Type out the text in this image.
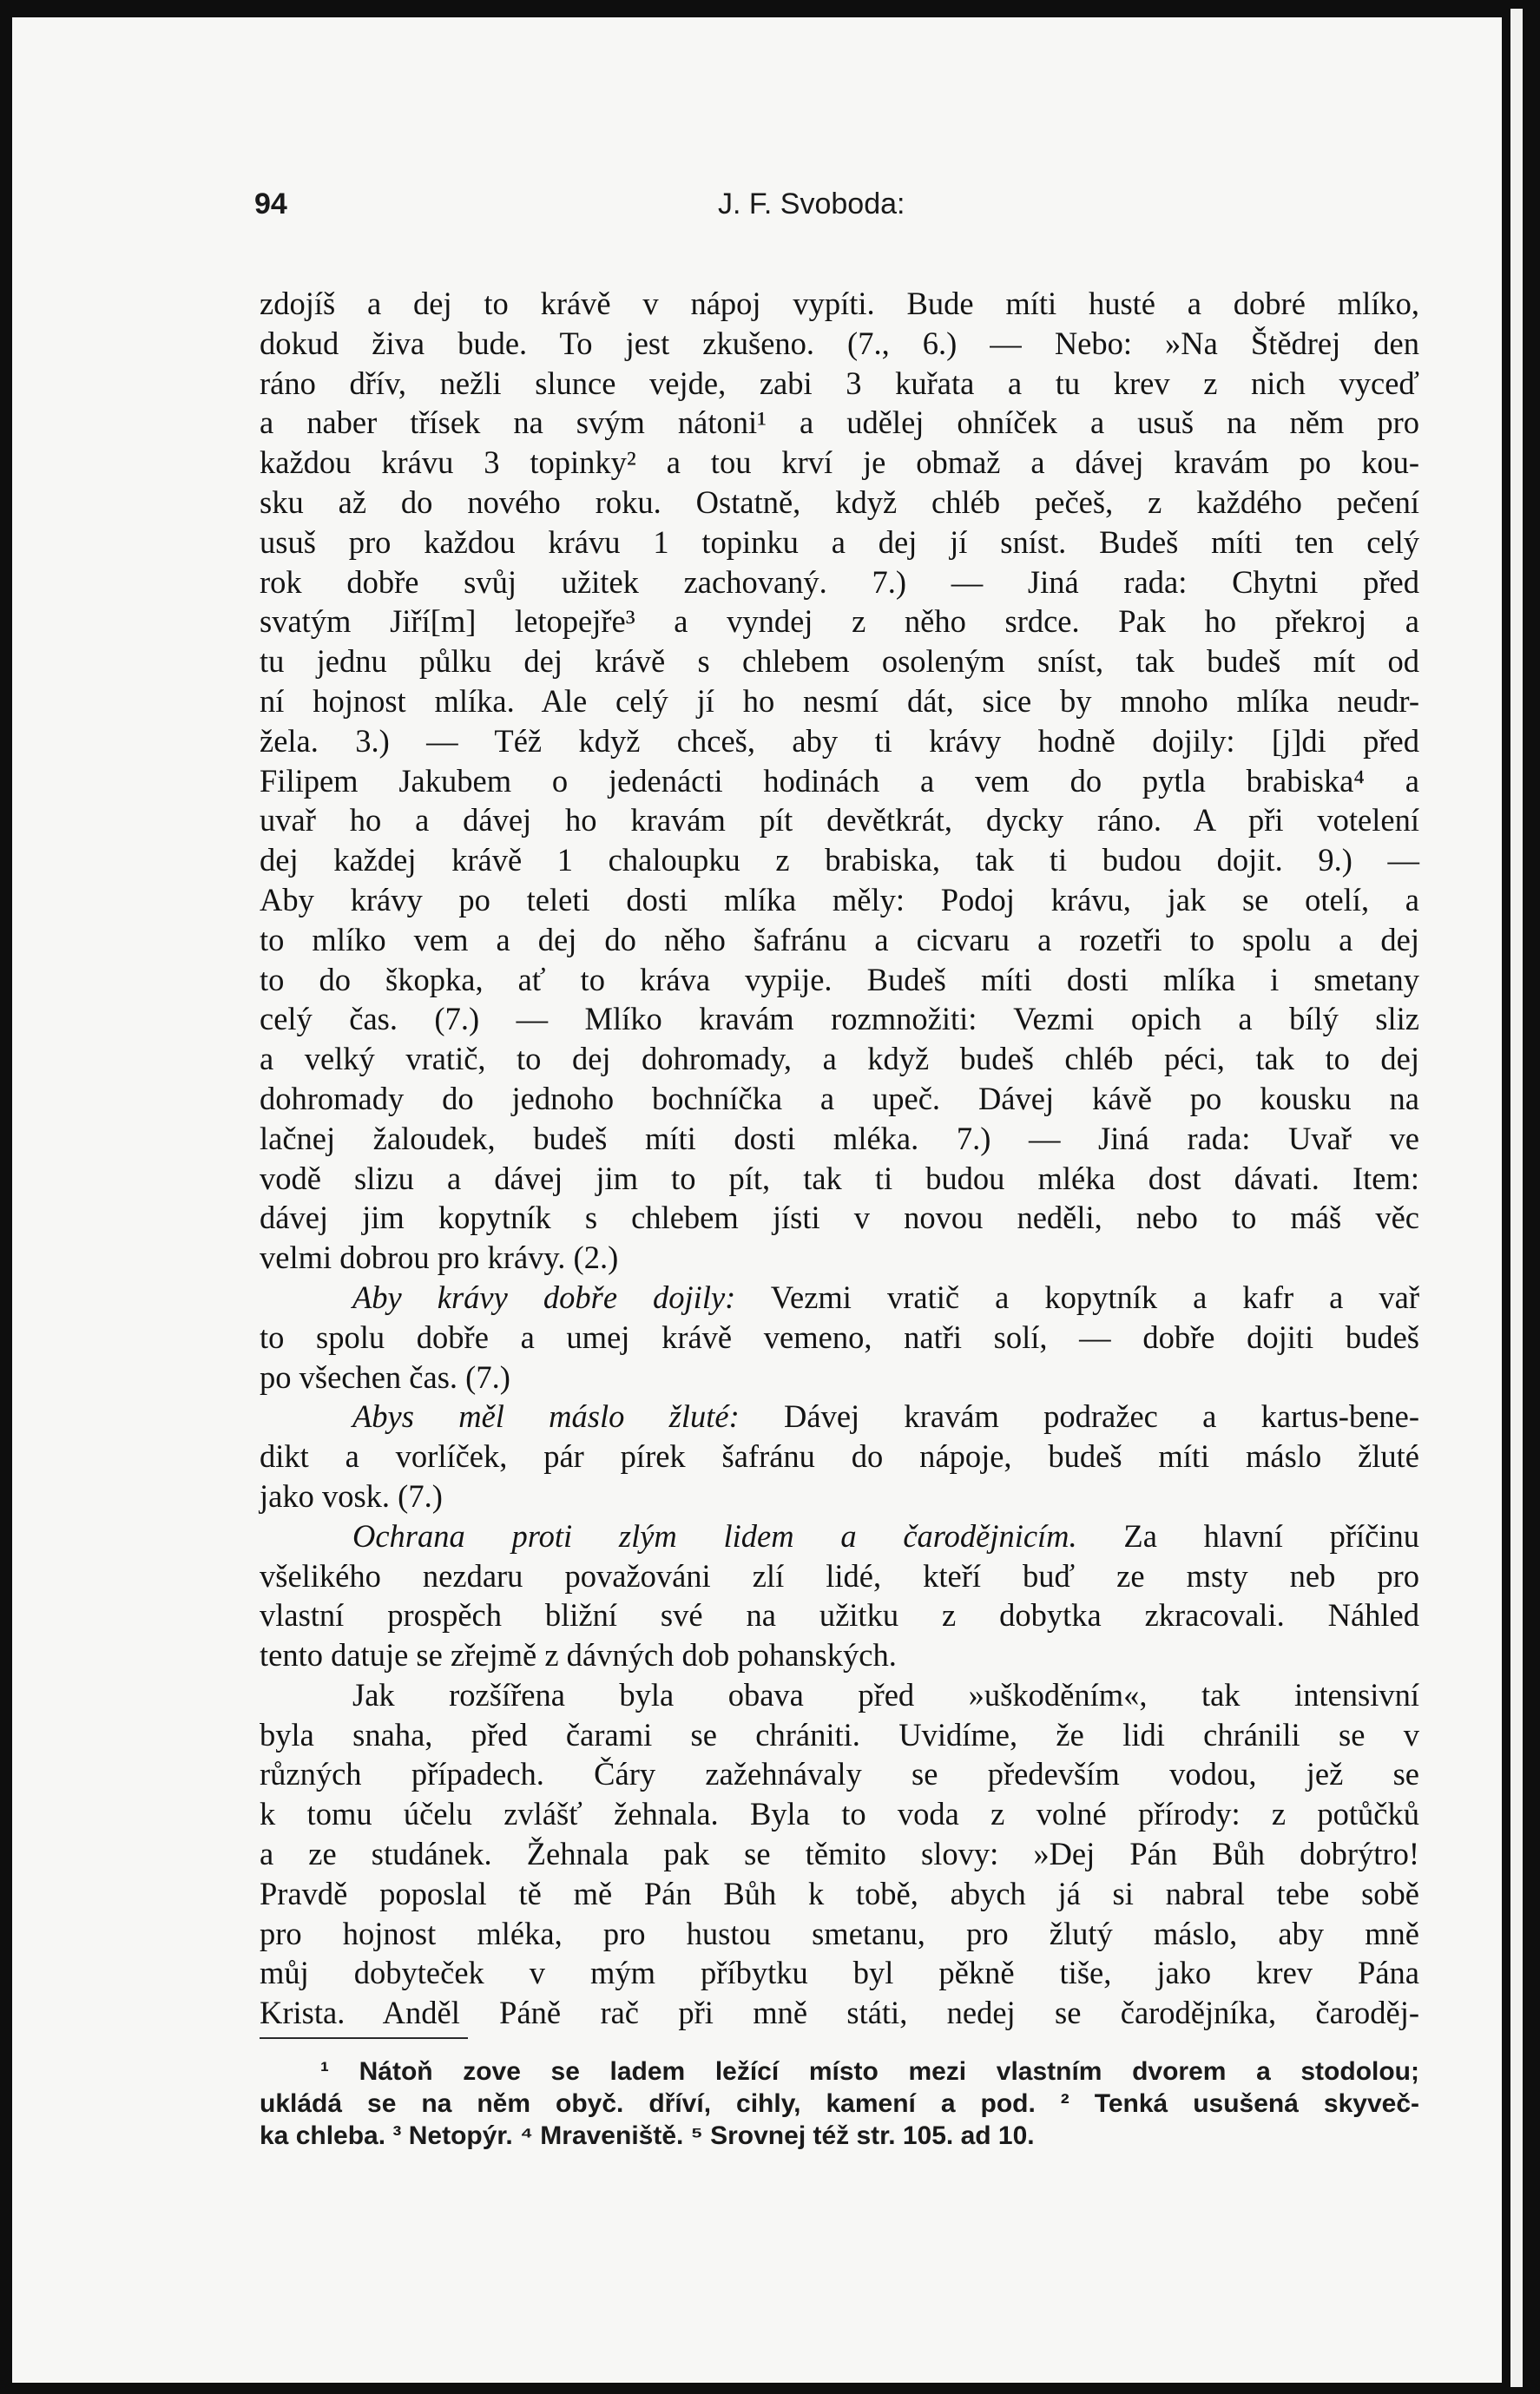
94	J. F. Svoboda:

zdojíš a dej to krávě v nápoj vypíti. Bude míti husté a dobré mlíko,
dokud živa bude. To jest zkušeno. (7., 6.) — Nebo: »Na Štědrej den
ráno dřív, nežli slunce vejde, zabi 3 kuřata a tu krev z nich vyceď
a naber třísek na svým nátoni¹ a udělej ohníček a usuš na něm pro
každou krávu 3 topinky² a tou krví je obmaž a dávej kravám po kou-
sku až do nového roku. Ostatně, když chléb pečeš, z každého pečení
usuš pro každou krávu 1 topinku a dej jí sníst. Budeš míti ten celý
rok dobře svůj užitek zachovaný. 7.) — Jiná rada: Chytni před
svatým Jiří[m] letopejře³ a vyndej z něho srdce. Pak ho překroj a
tu jednu půlku dej krávě s chlebem osoleným sníst, tak budeš mít od
ní hojnost mlíka. Ale celý jí ho nesmí dát, sice by mnoho mlíka neudr-
žela. 3.) — Též když chceš, aby ti krávy hodně dojily: [j]di před
Filipem Jakubem o jedenácti hodinách a vem do pytla brabiska⁴ a
uvař ho a dávej ho kravám pít devětkrát, dycky ráno. A při votelení
dej každej krávě 1 chaloupku z brabiska, tak ti budou dojit. 9.) —
Aby krávy po teleti dosti mlíka měly: Podoj krávu, jak se otelí, a
to mlíko vem a dej do něho šafránu a cicvaru a rozetři to spolu a dej
to do škopka, ať to kráva vypije. Budeš míti dosti mlíka i smetany
celý čas. (7.) — Mlíko kravám rozmnožiti: Vezmi opich a bílý sliz
a velký vratič, to dej dohromady, a když budeš chléb péci, tak to dej
dohromady do jednoho bochníčka a upeč. Dávej kávě po kousku na
lačnej žaloudek, budeš míti dosti mléka. 7.) — Jiná rada: Uvař ve
vodě slizu a dávej jim to pít, tak ti budou mléka dost dávati. Item:
dávej jim kopytník s chlebem jísti v novou neděli, nebo to máš věc
velmi dobrou pro krávy. (2.)

Aby krávy dobře dojily: Vezmi vratič a kopytník a kafr a vař

to spolu dobře a umej krávě vemeno, natři solí, — dobře dojiti budeš
po všechen čas. (7.)

Abys měl máslo žluté: Dávej kravám podražec a kartus-bene-

dikt a vorlíček, pár pírek šafránu do nápoje, budeš míti máslo žluté
jako vosk. (7.)

Ochrana proti zlým lidem a čarodějnicím. Za hlavní příčinu

všelikého nezdaru považováni zlí lidé, kteří buď ze msty neb pro
vlastní prospěch bližní své na užitku z dobytka zkracovali. Náhled
tento datuje se zřejmě z dávných dob pohanských.

Jak rozšířena byla obava před »uškoděním«, tak intensivní

byla snaha, před čarami se chrániti. Uvidíme, že lidi chránili se v
různých případech. Čáry zažehnávaly se především vodou, jež se
k tomu účelu zvlášť žehnala. Byla to voda z volné přírody: z potůčků
a ze studánek. Žehnala pak se těmito slovy: »Dej Pán Bůh dobrýtro!
Pravdě poposlal tě mě Pán Bůh k tobě, abych já si nabral tebe sobě
pro hojnost mléka, pro hustou smetanu, pro žlutý máslo, aby mně
můj dobyteček v mým příbytku byl pěkně tiše, jako krev Pána
Krista. Anděl Páně rač při mně státi, nedej se čarodějníka, čaroděj-

¹ Nátoň zove se ladem ležící místo mezi vlastním dvorem a stodolou;
ukládá se na něm obyč. dříví, cihly, kamení a pod. ² Tenká usušená skyveč-
ka chleba. ³ Netopýr. ⁴ Mraveniště. ⁵ Srovnej též str. 105. ad 10.
